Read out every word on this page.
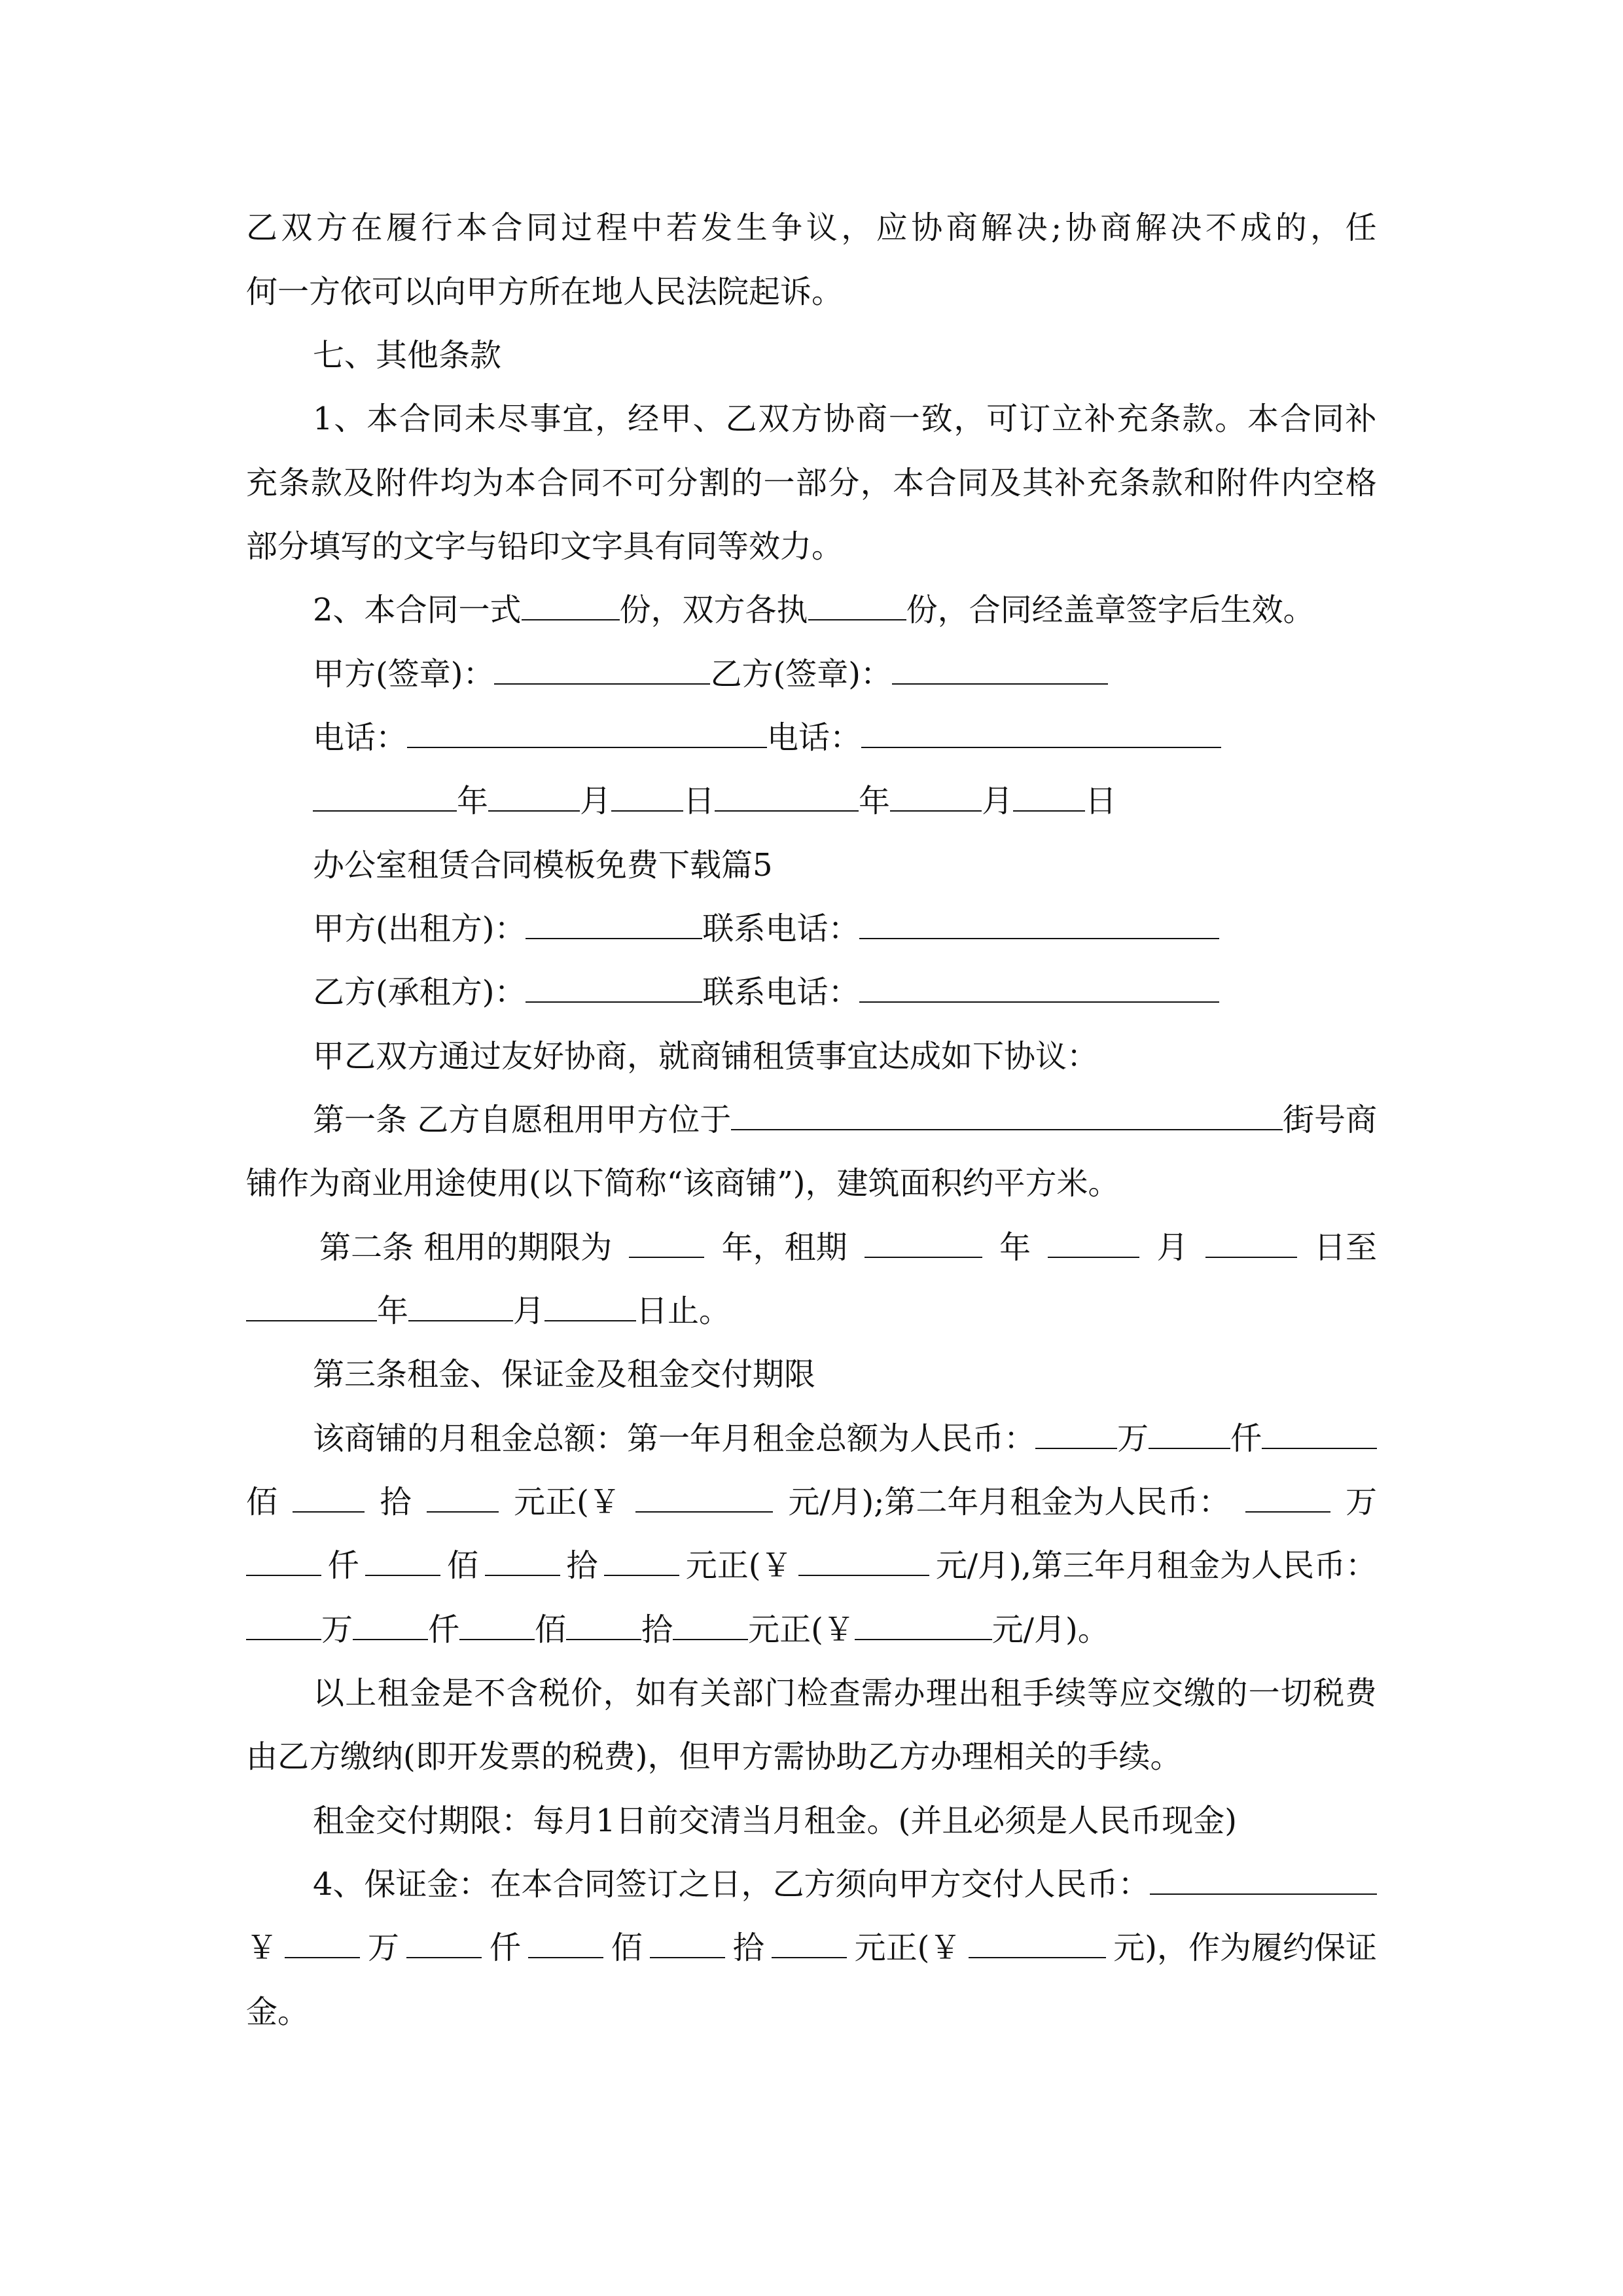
乙 双 方 在 履 行 本 合 同 过 程 中 若 发 生 争 议 ， 应 协 商 解 决 ; 协 商 解 决 不 成 的 ， 任
何一方依可以向甲方所在地人民法院起诉。
七、其他条款
1 、 本 合 同 未 尽 事 宜 ， 经 甲 、 乙 双 方 协 商 一 致 ， 可 订 立 补 充 条 款 。 本 合 同 补
充 条 款 及 附 件 均 为 本 合 同 不 可 分 割 的 一 部 分 ， 本 合 同 及 其 补 充 条 款 和 附 件 内 空 格
部分填写的文字与铅印文字具有同等效力。
2、本合同一式	份，双方各执	份，合同经盖章签字后生效。
甲方(签章)：	乙方(签章)：
电话：	电话：
年	月 日	年	月 日
办公室租赁合同模板免费下载篇5
甲方(出租方)：	联系电话：
乙方(承租方)：	联系电话：
甲乙双方通过友好协商，就商铺租赁事宜达成如下协议：
第一条 乙方自愿租用甲方位于	街号商
铺作为商业用途使用(以下简称“该商铺”)，建筑面积约平方米。
第二条 租用的期限为	年，租期	年	月	日至
年	月	日止。
第三条租金、保证金及租金交付期限
该商铺的月租金总额：第一年月租金总额为人民币：	万	仟
佰	拾	元正(￥	元/月);第二年月租金为人民币：	万
仟	佰	拾	元正(￥	元/月),第三年月租金为人民币：
万 仟 佰 拾 元正(￥	元/月)。
以 上 租 金 是 不 含 税 价 ， 如 有 关 部 门 检 查 需 办 理 出 租 手 续 等 应 交 缴 的 一 切 税 费
由乙方缴纳(即开发票的税费)，但甲方需协助乙方办理相关的手续。
租金交付期限：每月1日前交清当月租金。(并且必须是人民币现金)
4、保证金：在本合同签订之日，乙方须向甲方交付人民币：
￥	万	仟	佰	拾	元正(￥	元)，作为履约保证
金。
